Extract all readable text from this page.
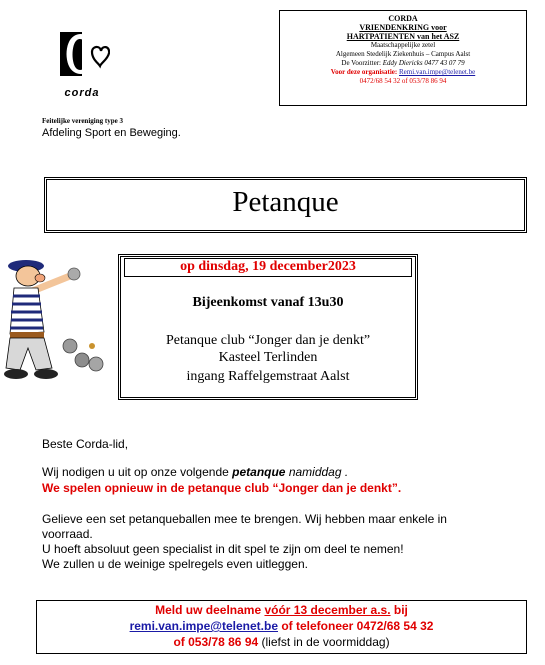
corda
CORDA
VRIENDENKRING voor
HARTPATIENTEN van het ASZ
Maatschappelijke zetel
Algemeen Stedelijk Ziekenhuis – Campus Aalst
De Voorzitter: Eddy Diericks 0477 43 07 79
Voor deze organisatie: Remi.van.impe@telenet.be
0472/68 54 32 of 053/78 86 94
Feitelijke vereniging type 3
Afdeling Sport en Beweging.
Petanque
op dinsdag, 19 december2023
Bijeenkomst vanaf 13u30
Petanque club “Jonger dan je denkt”
Kasteel Terlinden
ingang Raffelgemstraat Aalst
Beste Corda-lid,
Wij nodigen u uit op onze volgende petanque namiddag .
We spelen opnieuw in de petanque club “Jonger dan je denkt”.
Gelieve een set petanqueballen mee te brengen. Wij hebben maar enkele in
voorraad.
U hoeft absoluut geen specialist in dit spel te zijn om deel te nemen!
We zullen u de weinige spelregels even uitleggen.
Meld uw deelname vóór 13 december a.s. bij
remi.van.impe@telenet.be of telefoneer 0472/68 54 32
of 053/78 86 94 (liefst in de voormiddag)
